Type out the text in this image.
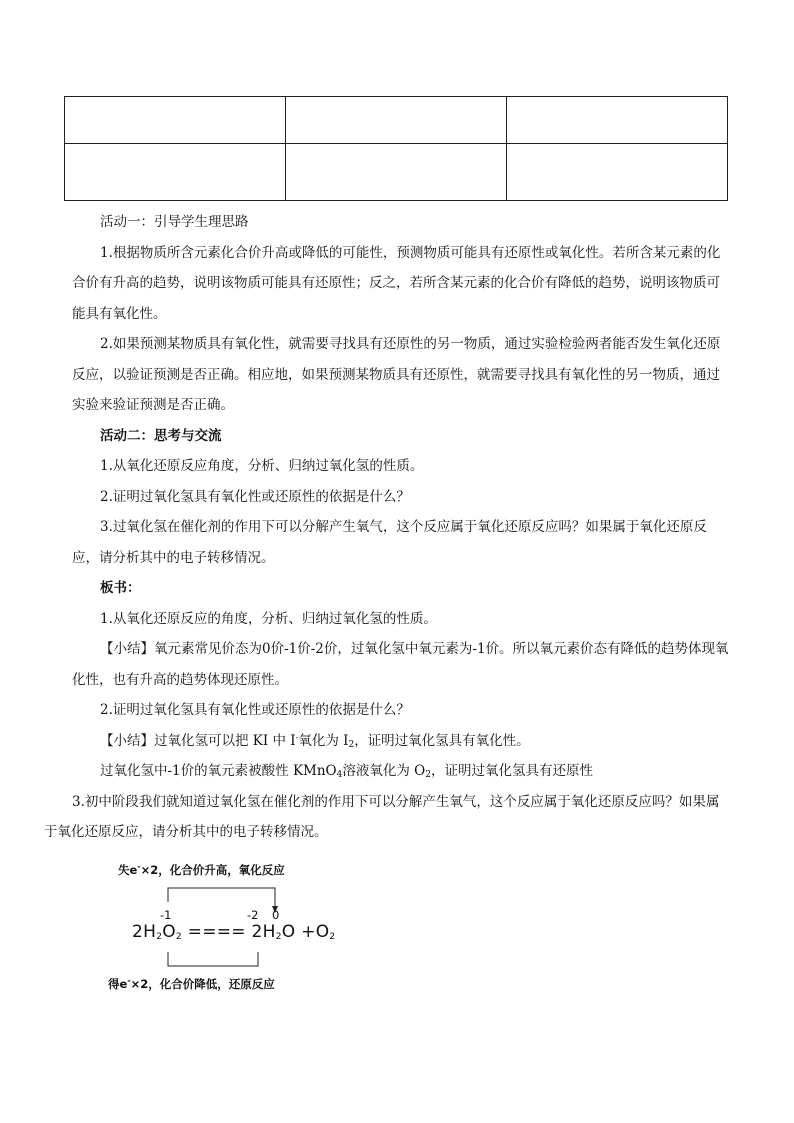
活动一：引导学生理思路

1.根据物质所含元素化合价升高或降低的可能性，预测物质可能具有还原性或氧化性。若所含某元素的化合价有升高的趋势，说明该物质可能具有还原性；反之，若所含某元素的化合价有降低的趋势，说明该物质可能具有氧化性。

2.如果预测某物质具有氧化性，就需要寻找具有还原性的另一物质，通过实验检验两者能否发生氧化还原反应，以验证预测是否正确。相应地，如果预测某物质具有还原性，就需要寻找具有氧化性的另一物质，通过实验来验证预测是否正确。

活动二：思考与交流

1.从氧化还原反应角度，分析、归纳过氧化氢的性质。

2.证明过氧化氢具有氧化性或还原性的依据是什么？

3.过氧化氢在催化剂的作用下可以分解产生氧气，这个反应属于氧化还原反应吗？如果属于氧化还原反应，请分析其中的电子转移情况。

板书：

1.从氧化还原反应的角度，分析、归纳过氧化氢的性质。

【小结】氧元素常见价态为0价-1价-2价，过氧化氢中氧元素为-1价。所以氧元素价态有降低的趋势体现氧化性，也有升高的趋势体现还原性。

2.证明过氧化氢具有氧化性或还原性的依据是什么？

【小结】过氧化氢可以把 KI 中 I-氧化为 $I_2$，证明过氧化氢具有氧化性。

过氧化氢中-1价的氧元素被酸性 KMnO$_4$溶液氧化为 $O_2$，证明过氧化氢具有还原性

3.初中阶段我们就知道过氧化氢在催化剂的作用下可以分解产生氧气，这个反应属于氧化还原反应吗？如果属于氧化还原反应，请分析其中的电子转移情况。

失e-×2，化合价升高，氧化反应
-1	-2 0
$2H_2O_2$ ==== $2H_2O +O_2$
得e-×2，化合价降低，还原反应
